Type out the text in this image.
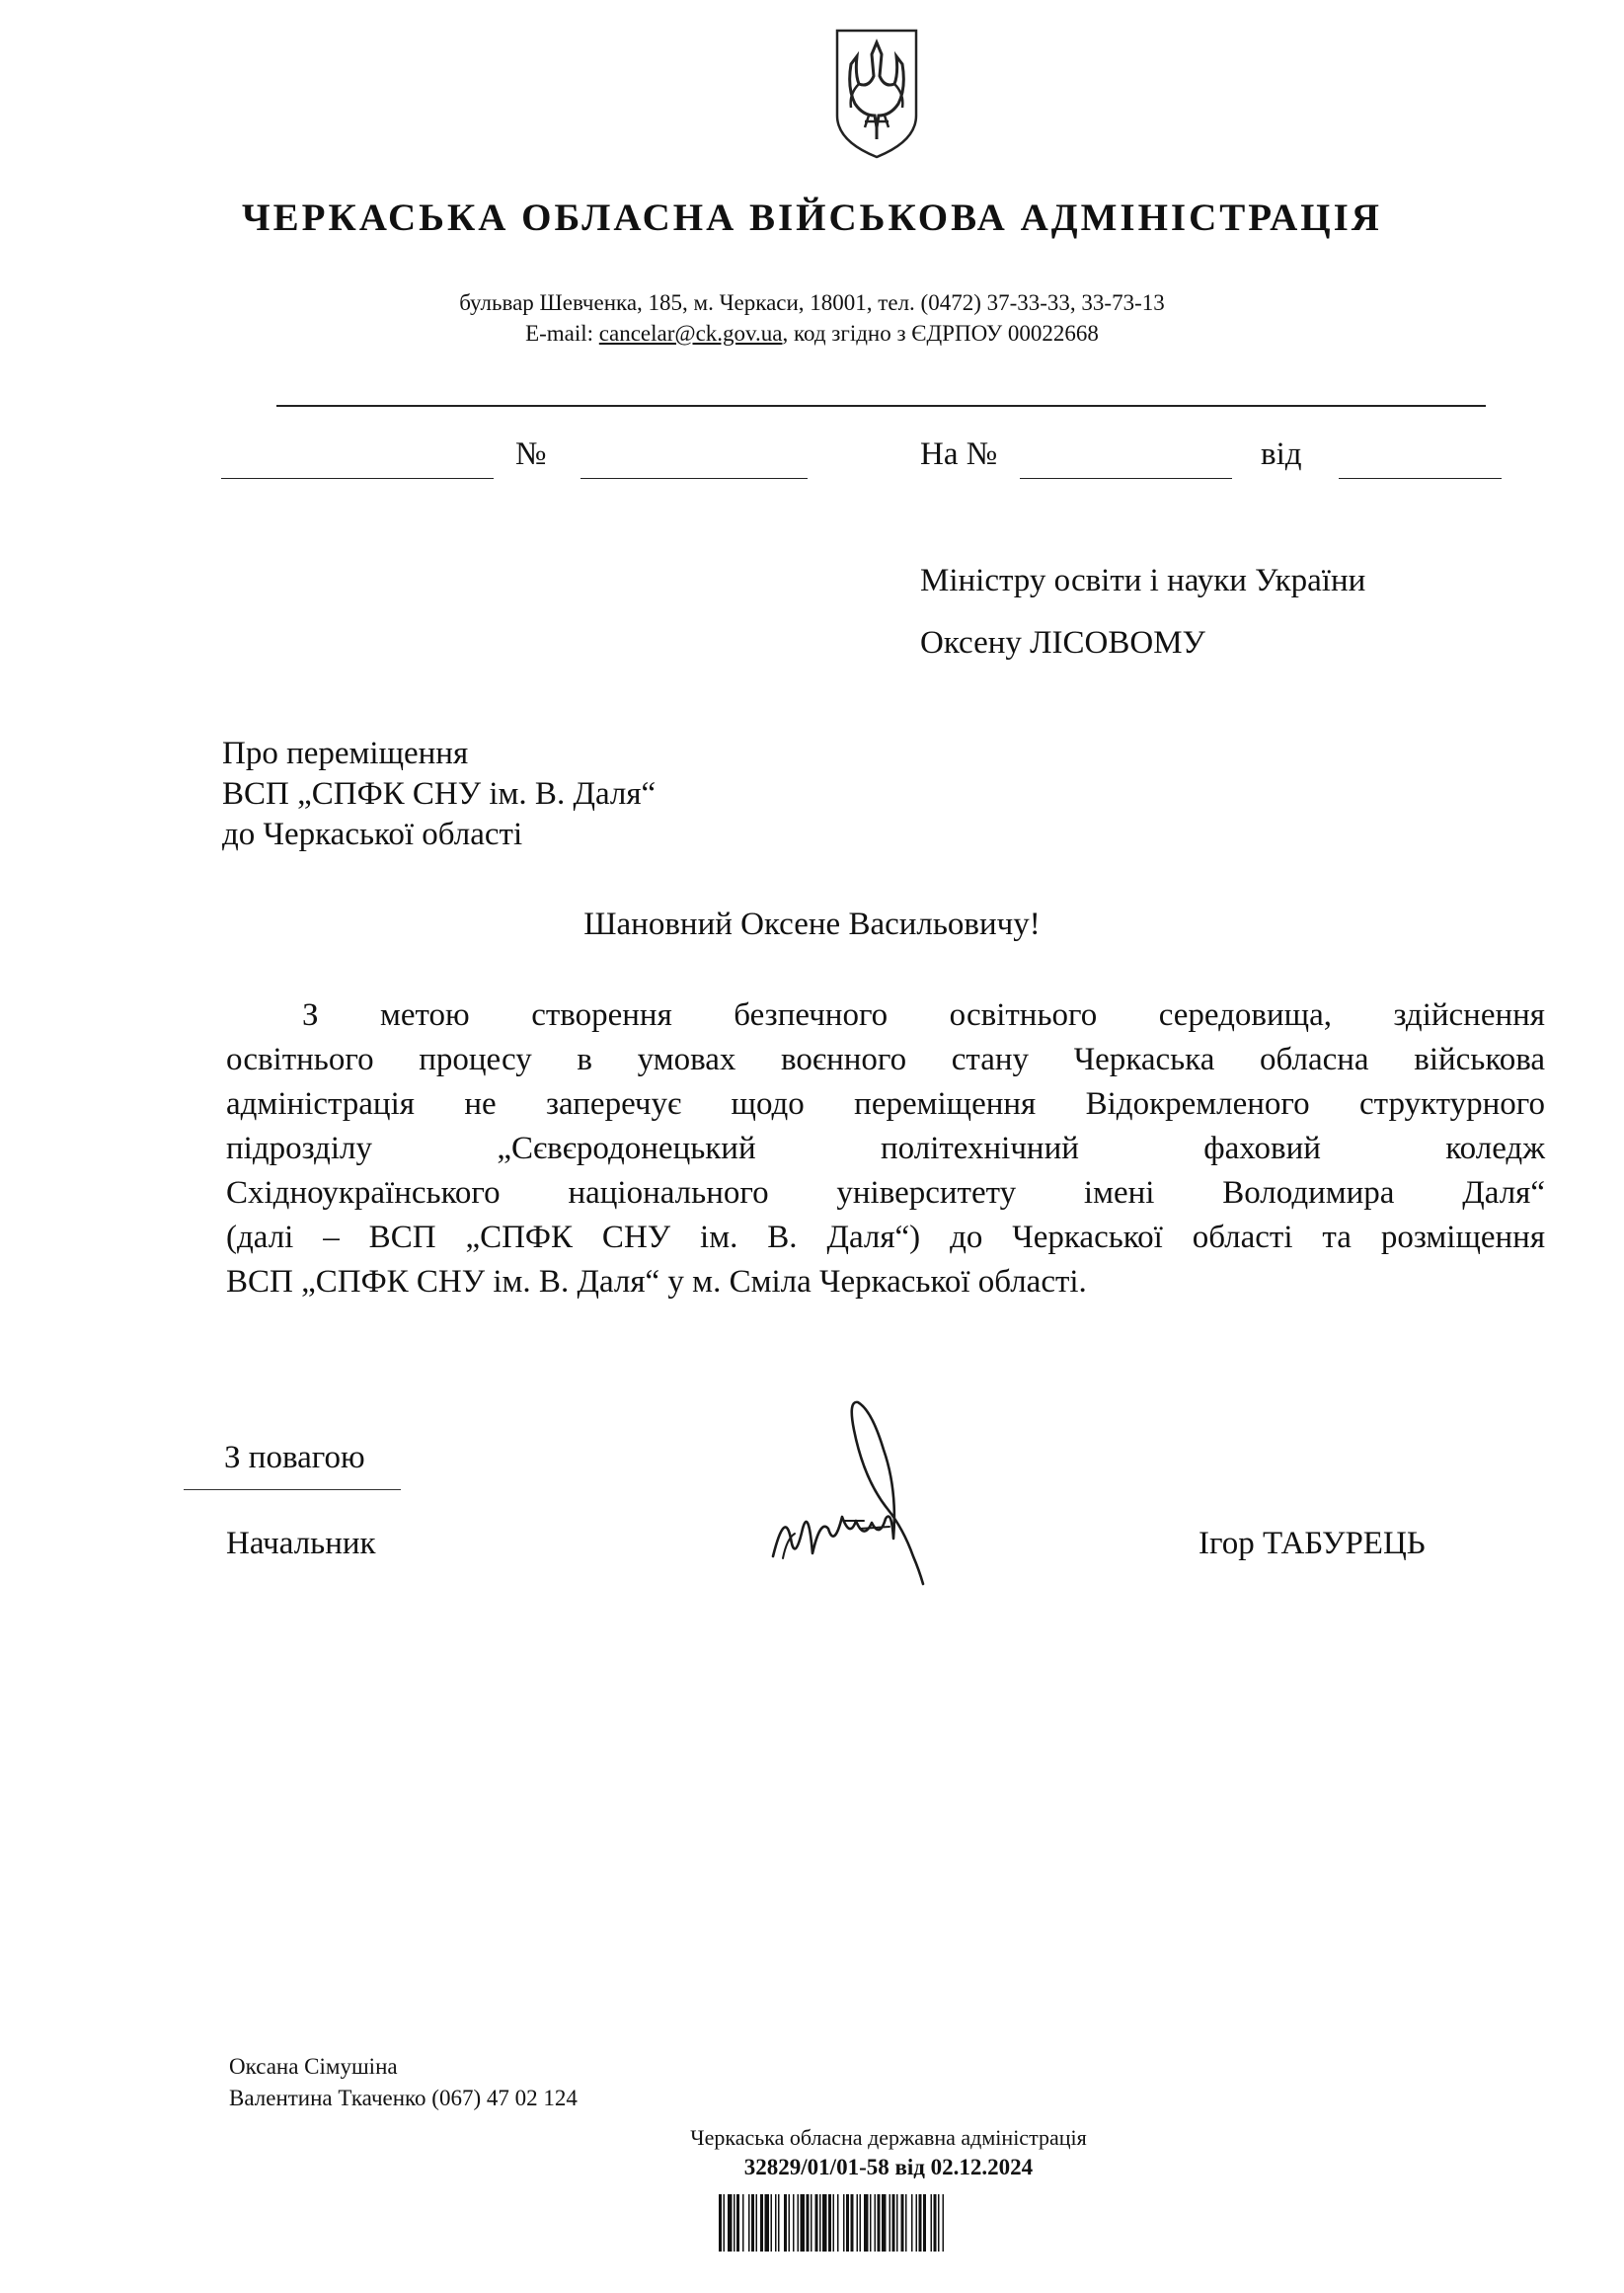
ЧЕРКАСЬКА ОБЛАСНА ВІЙСЬКОВА АДМІНІСТРАЦІЯ
бульвар Шевченка, 185, м. Черкаси, 18001, тел. (0472) 37-33-33, 33-73-13
E-mail: cancelar@ck.gov.ua, код згідно з ЄДРПОУ 00022668
№	На №	від
Міністру освіти і науки України
Оксену ЛІСОВОМУ
Про переміщення
ВСП „СПФК СНУ ім. В. Даля“
до Черкаської області
Шановний Оксене Васильовичу!
З метою створення безпечного освітнього середовища, здійснення
освітнього процесу в умовах воєнного стану Черкаська обласна військова
адміністрація не заперечує щодо переміщення Відокремленого структурного
підрозділу „Сєвєродонецький політехнічний фаховий коледж
Східноукраїнського національного університету імені Володимира Даля“
(далі – ВСП „СПФК СНУ ім. В. Даля“) до Черкаської області та розміщення
ВСП „СПФК СНУ ім. В. Даля“ у м. Сміла Черкаської області.
З повагою
Начальник	Ігор ТАБУРЕЦЬ
Оксана Сімушіна
Валентина Ткаченко (067) 47 02 124
Черкаська обласна державна адміністрація
32829/01/01-58 від 02.12.2024
